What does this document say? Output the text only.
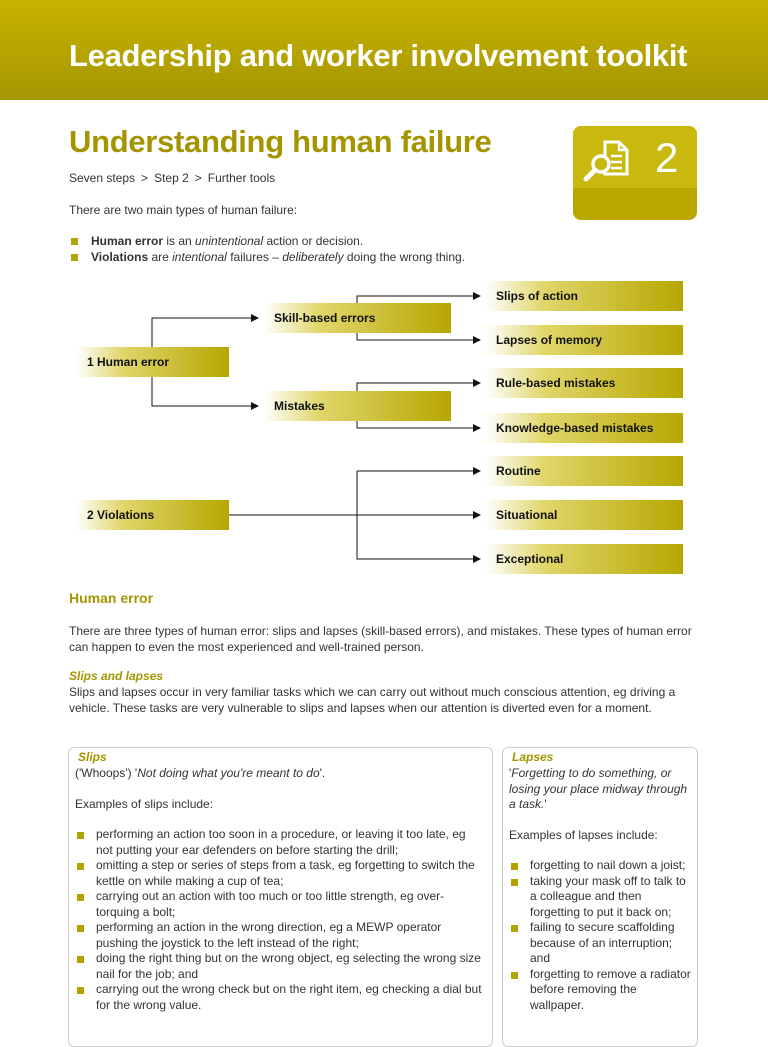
Leadership and worker involvement toolkit
Understanding human failure
Seven steps > Step 2 > Further tools	2
There are two main types of human failure:
Human error is an unintentional action or decision.
Violations are intentional failures – deliberately doing the wrong thing.
1 Human error
2 Violations
Skill-based errors
Mistakes
Slips of action
Lapses of memory
Rule-based mistakes
Knowledge-based mistakes
Routine
Situational
Exceptional
Human error
There are three types of human error: slips and lapses (skill-based errors), and mistakes. These types of human error can happen to even the most experienced and well-trained person.
Slips and lapses
Slips and lapses occur in very familiar tasks which we can carry out without much conscious attention, eg driving a vehicle. These tasks are very vulnerable to slips and lapses when our attention is diverted even for a moment.
Slips
('Whoops') 'Not doing what you're meant to do'.
Examples of slips include:
performing an action too soon in a procedure, or leaving it too late, eg not putting your ear defenders on before starting the drill;
omitting a step or series of steps from a task, eg forgetting to switch the kettle on while making a cup of tea;
carrying out an action with too much or too little strength, eg over-torquing a bolt;
performing an action in the wrong direction, eg a MEWP operator pushing the joystick to the left instead of the right;
doing the right thing but on the wrong object, eg selecting the wrong size nail for the job; and
carrying out the wrong check but on the right item, eg checking a dial but for the wrong value.
Lapses
'Forgetting to do something, or losing your place midway through a task.'
Examples of lapses include:
forgetting to nail down a joist;
taking your mask off to talk to a colleague and then forgetting to put it back on;
failing to secure scaffolding because of an interruption; and
forgetting to remove a radiator before removing the wallpaper.
